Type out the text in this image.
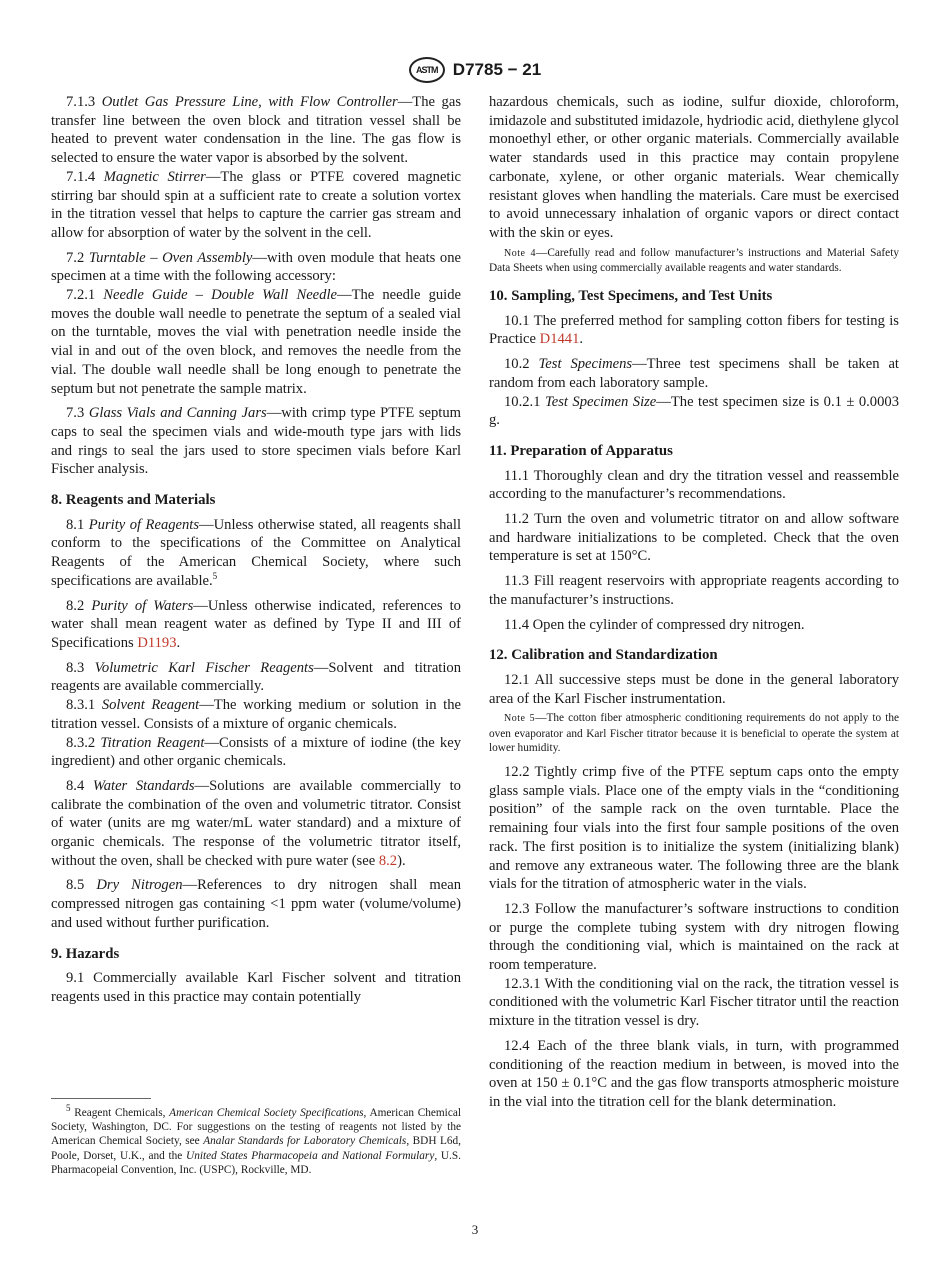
ASTM D7785 − 21

7.1.3 Outlet Gas Pressure Line, with Flow Controller—The gas transfer line between the oven block and titration vessel shall be heated to prevent water condensation in the line. The gas flow is selected to ensure the water vapor is absorbed by the solvent.

7.1.4 Magnetic Stirrer—The glass or PTFE covered magnetic stirring bar should spin at a sufficient rate to create a solution vortex in the titration vessel that helps to capture the carrier gas stream and allow for absorption of water by the solvent in the cell.

7.2 Turntable – Oven Assembly—with oven module that heats one specimen at a time with the following accessory:

7.2.1 Needle Guide – Double Wall Needle—The needle guide moves the double wall needle to penetrate the septum of a sealed vial on the turntable, moves the vial with penetration needle inside the vial in and out of the oven block, and removes the needle from the vial. The double wall needle shall be long enough to penetrate the septum but not penetrate the sample matrix.

7.3 Glass Vials and Canning Jars—with crimp type PTFE septum caps to seal the specimen vials and wide-mouth type jars with lids and rings to seal the jars used to store specimen vials before Karl Fischer analysis.

8. Reagents and Materials

8.1 Purity of Reagents—Unless otherwise stated, all reagents shall conform to the specifications of the Committee on Analytical Reagents of the American Chemical Society, where such specifications are available.$^5$

8.2 Purity of Waters—Unless otherwise indicated, references to water shall mean reagent water as defined by Type II and III of Specifications D1193.

8.3 Volumetric Karl Fischer Reagents—Solvent and titration reagents are available commercially.

8.3.1 Solvent Reagent—The working medium or solution in the titration vessel. Consists of a mixture of organic chemicals.

8.3.2 Titration Reagent—Consists of a mixture of iodine (the key ingredient) and other organic chemicals.

8.4 Water Standards—Solutions are available commercially to calibrate the combination of the oven and volumetric titrator. Consist of water (units are mg water/mL water standard) and a mixture of organic chemicals. The response of the volumetric titrator itself, without the oven, shall be checked with pure water (see 8.2).

8.5 Dry Nitrogen—References to dry nitrogen shall mean compressed nitrogen gas containing <1 ppm water (volume/volume) and used without further purification.

9. Hazards

9.1 Commercially available Karl Fischer solvent and titration reagents used in this practice may contain potentially

$^5$ Reagent Chemicals, American Chemical Society Specifications, American Chemical Society, Washington, DC. For suggestions on the testing of reagents not listed by the American Chemical Society, see Analar Standards for Laboratory Chemicals, BDH L6d, Poole, Dorset, U.K., and the United States Pharmacopeia and National Formulary, U.S. Pharmacopeial Convention, Inc. (USPC), Rockville, MD.

hazardous chemicals, such as iodine, sulfur dioxide, chloroform, imidazole and substituted imidazole, hydriodic acid, diethylene glycol monoethyl ether, or other organic materials. Commercially available water standards used in this practice may contain propylene carbonate, xylene, or other organic materials. Wear chemically resistant gloves when handling the materials. Care must be exercised to avoid unnecessary inhalation of organic vapors or direct contact with the skin or eyes.

Note 4—Carefully read and follow manufacturer’s instructions and Material Safety Data Sheets when using commercially available reagents and water standards.
10. Sampling, Test Specimens, and Test Units

10.1 The preferred method for sampling cotton fibers for testing is Practice D1441.

10.2 Test Specimens—Three test specimens shall be taken at random from each laboratory sample.

10.2.1 Test Specimen Size—The test specimen size is 0.1 ± 0.0003 g.

11. Preparation of Apparatus

11.1 Thoroughly clean and dry the titration vessel and reassemble according to the manufacturer’s recommendations.

11.2 Turn the oven and volumetric titrator on and allow software and hardware initializations to be completed. Check that the oven temperature is set at 150°C.

11.3 Fill reagent reservoirs with appropriate reagents according to the manufacturer’s instructions.

11.4 Open the cylinder of compressed dry nitrogen.

12. Calibration and Standardization

12.1 All successive steps must be done in the general laboratory area of the Karl Fischer instrumentation.

Note 5—The cotton fiber atmospheric conditioning requirements do not apply to the oven evaporator and Karl Fischer titrator because it is beneficial to operate the system at lower humidity.

12.2 Tightly crimp five of the PTFE septum caps onto the empty glass sample vials. Place one of the empty vials in the “conditioning position” of the sample rack on the oven turntable. Place the remaining four vials into the first four sample positions of the oven rack. The first position is to initialize the system (initializing blank) and remove any extraneous water. The following three are the blank vials for the titration of atmospheric water in the vials.

12.3 Follow the manufacturer’s software instructions to condition or purge the complete tubing system with dry nitrogen flowing through the conditioning vial, which is maintained on the rack at room temperature.

12.3.1 With the conditioning vial on the rack, the titration vessel is conditioned with the volumetric Karl Fischer titrator until the reaction mixture in the titration vessel is dry.

12.4 Each of the three blank vials, in turn, with programmed conditioning of the reaction medium in between, is moved into the oven at 150 ± 0.1°C and the gas flow transports atmospheric moisture in the vial into the titration cell for the blank determination.

3
